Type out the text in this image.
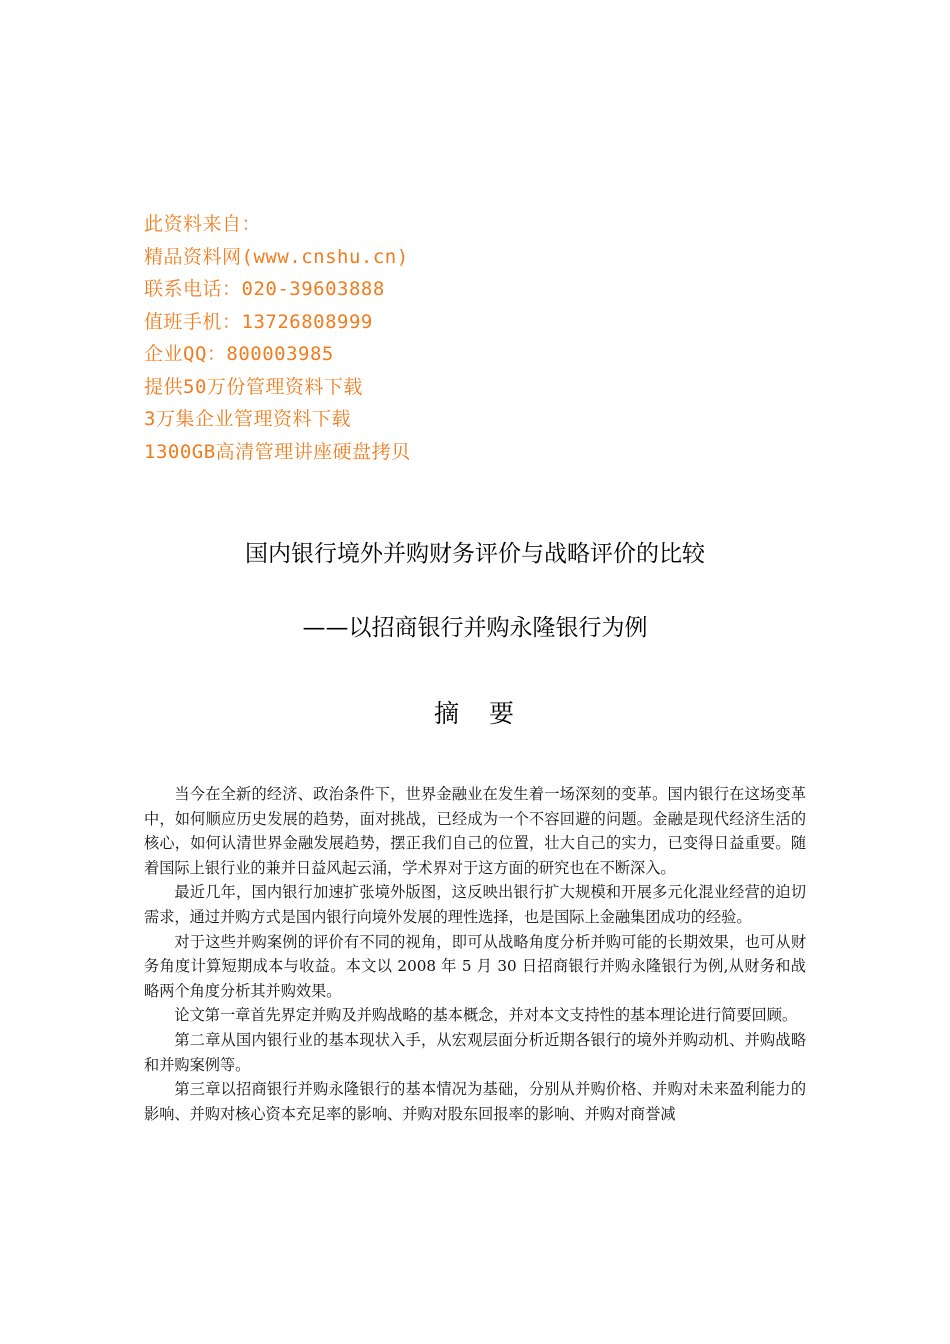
此资料来自：
精品资料网(www.cnshu.cn)
联系电话：020-39603888
值班手机：13726808999
企业QQ：800003985
提供50万份管理资料下载
3万集企业管理资料下载
1300GB高清管理讲座硬盘拷贝
国内银行境外并购财务评价与战略评价的比较
——以招商银行并购永隆银行为例
摘 要

当今在全新的经济、政治条件下，世界金融业在发生着一场深刻的变革。国内银行在这场变革中，如何顺应历史发展的趋势，面对挑战，已经成为一个不容回避的问题。金融是现代经济生活的核心，如何认清世界金融发展趋势，摆正我们自己的位置，壮大自己的实力，已变得日益重要。随着国际上银行业的兼并日益风起云涌，学术界对于这方面的研究也在不断深入。

最近几年，国内银行加速扩张境外版图，这反映出银行扩大规模和开展多元化混业经营的迫切需求，通过并购方式是国内银行向境外发展的理性选择，也是国际上金融集团成功的经验。

对于这些并购案例的评价有不同的视角，即可从战略角度分析并购可能的长期效果，也可从财务角度计算短期成本与收益。本文以 2008 年 5 月 30 日招商银行并购永隆银行为例,从财务和战略两个角度分析其并购效果。

论文第一章首先界定并购及并购战略的基本概念，并对本文支持性的基本理论进行简要回顾。

第二章从国内银行业的基本现状入手，从宏观层面分析近期各银行的境外并购动机、并购战略和并购案例等。

第三章以招商银行并购永隆银行的基本情况为基础，分别从并购价格、并购对未来盈利能力的影响、并购对核心资本充足率的影响、并购对股东回报率的影响、并购对商誉减
